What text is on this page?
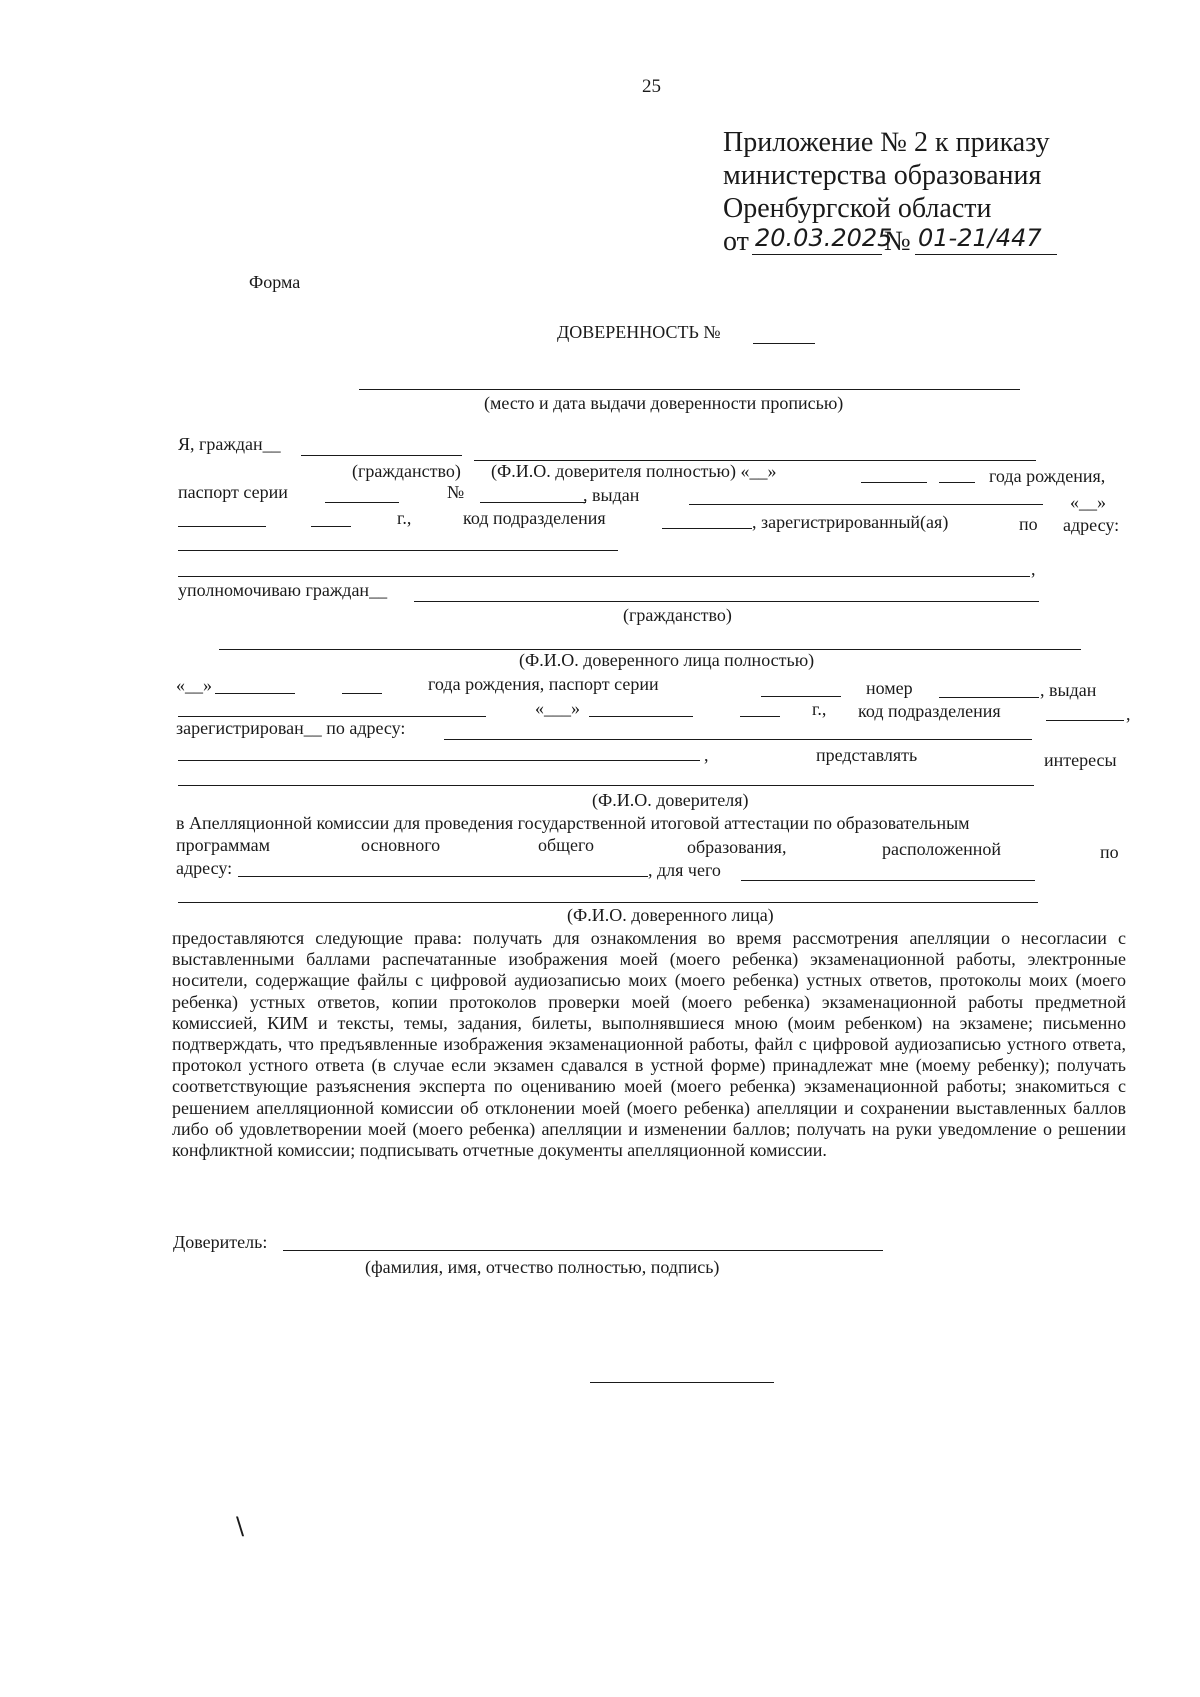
25
Приложение № 2 к приказу
министерства образования
Оренбургской области
от 20.03.2025
№ 01-21/447
Форма
ДОВЕРЕННОСТЬ №
(место и дата выдачи доверенности прописью)
Я, граждан__
(гражданство) (Ф.И.О. доверителя полностью) «__»	года рождения,
паспорт серии	№	, выдан	«__»
г.,	код подразделения	, зарегистрированный(ая)	по адресу:
,
уполномочиваю граждан__
(гражданство)
(Ф.И.О. доверенного лица полностью)
«__»	года рождения, паспорт серии	номер	, выдан
«___»	г., код подразделения	,
зарегистрирован__ по адресу:
,	представлять	интересы
(Ф.И.О. доверителя)
в Апелляционной комиссии для проведения государственной итоговой аттестации по образовательным
программам	основного	общего	образования,	расположенной	по
адресу:	, для чего
(Ф.И.О. доверенного лица)
предоставляются следующие права: получать для ознакомления во время рассмотрения апелляции о несогласии с выставленными баллами распечатанные изображения моей (моего ребенка) экзаменационной работы, электронные носители, содержащие файлы с цифровой аудиозаписью моих (моего ребенка) устных ответов, протоколы моих (моего ребенка) устных ответов, копии протоколов проверки моей (моего ребенка) экзаменационной работы предметной комиссией, КИМ и тексты, темы, задания, билеты, выполнявшиеся мною (моим ребенком) на экзамене; письменно подтверждать, что предъявленные изображения экзаменационной работы, файл с цифровой аудиозаписью устного ответа, протокол устного ответа (в случае если экзамен сдавался в устной форме) принадлежат мне (моему ребенку); получать соответствующие разъяснения эксперта по оцениванию моей (моего ребенка) экзаменационной работы; знакомиться с решением апелляционной комиссии об отклонении моей (моего ребенка) апелляции и сохранении выставленных баллов либо об удовлетворении моей (моего ребенка) апелляции и изменении баллов; получать на руки уведомление о решении конфликтной комиссии; подписывать отчетные документы апелляционной комиссии.
Доверитель:
(фамилия, имя, отчество полностью, подпись)
\
